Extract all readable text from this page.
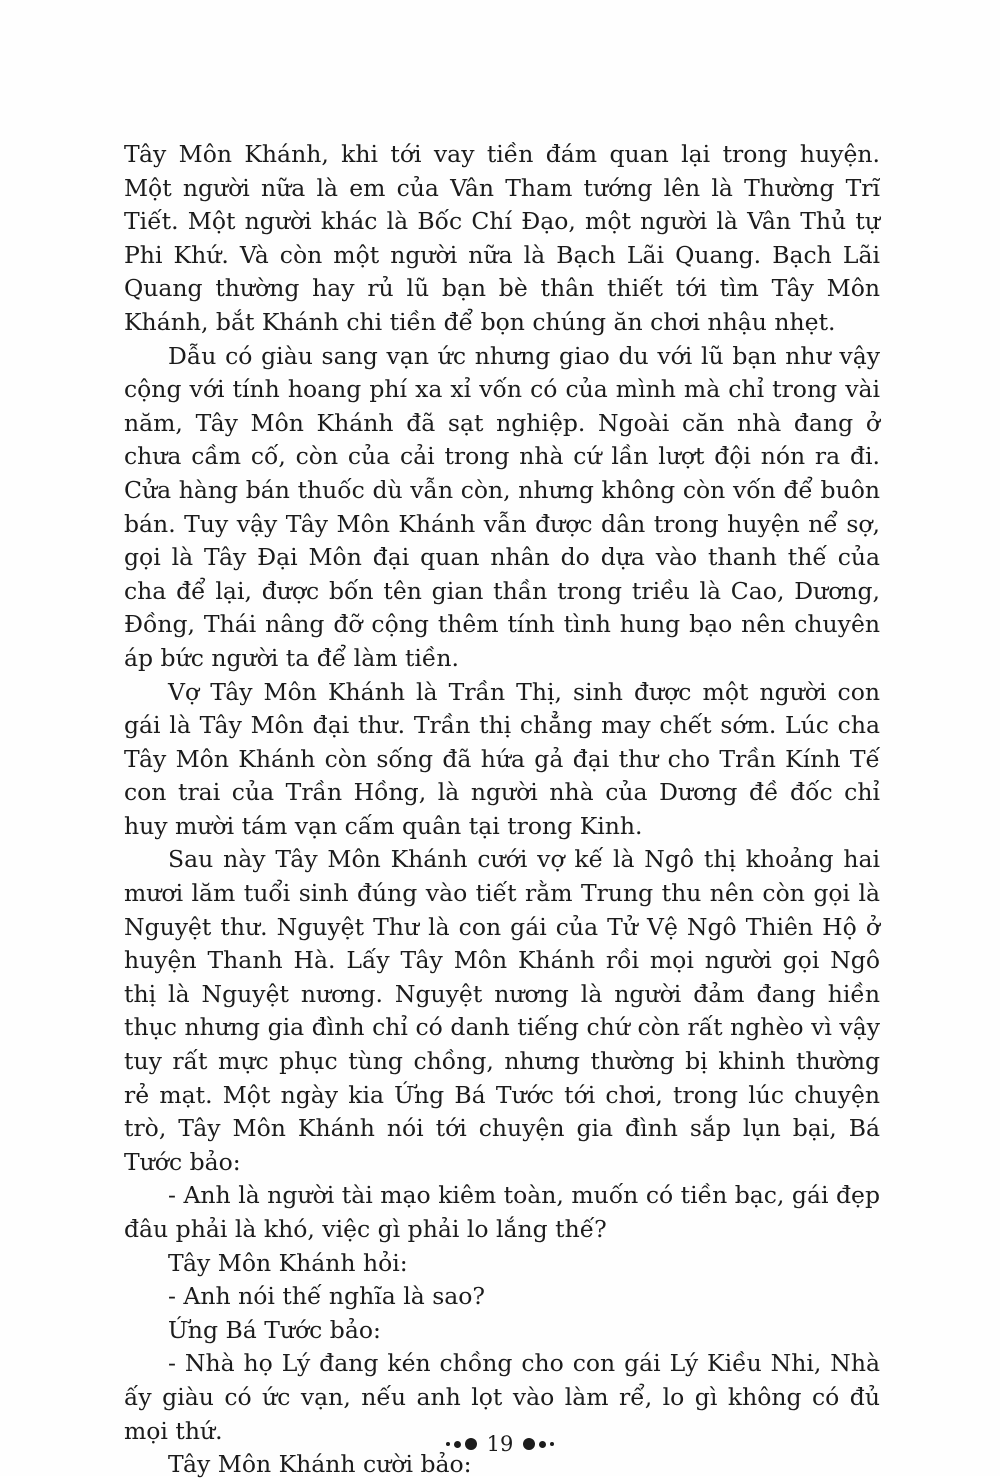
Tây Môn Khánh, khi tới vay tiền đám quan lại trong huyện. Một người nữa là em của Vân Tham tướng lên là Thường Trĩ Tiết. Một người khác là Bốc Chí Đạo, một người là Vân Thủ tự Phi Khứ. Và còn một người nữa là Bạch Lãi Quang. Bạch Lãi Quang thường hay rủ lũ bạn bè thân thiết tới tìm Tây Môn Khánh, bắt Khánh chi tiền để bọn chúng ăn chơi nhậu nhẹt.

Dẫu có giàu sang vạn ức nhưng giao du với lũ bạn như vậy cộng với tính hoang phí xa xỉ vốn có của mình mà chỉ trong vài năm, Tây Môn Khánh đã sạt nghiệp. Ngoài căn nhà đang ở chưa cầm cố, còn của cải trong nhà cứ lần lượt đội nón ra đi. Cửa hàng bán thuốc dù vẫn còn, nhưng không còn vốn để buôn bán. Tuy vậy Tây Môn Khánh vẫn được dân trong huyện nể sợ, gọi là Tây Đại Môn đại quan nhân do dựa vào thanh thế của cha để lại, được bốn tên gian thần trong triều là Cao, Dương, Đồng, Thái nâng đỡ cộng thêm tính tình hung bạo nên chuyên áp bức người ta để làm tiền.

Vợ Tây Môn Khánh là Trần Thị, sinh được một người con gái là Tây Môn đại thư. Trần thị chẳng may chết sớm. Lúc cha Tây Môn Khánh còn sống đã hứa gả đại thư cho Trần Kính Tế con trai của Trần Hồng, là người nhà của Dương đề đốc chỉ huy mười tám vạn cấm quân tại trong Kinh.

Sau này Tây Môn Khánh cưới vợ kế là Ngô thị khoảng hai mươi lăm tuổi sinh đúng vào tiết rằm Trung thu nên còn gọi là Nguyệt thư. Nguyệt Thư là con gái của Tử Vệ Ngô Thiên Hộ ở huyện Thanh Hà. Lấy Tây Môn Khánh rồi mọi người gọi Ngô thị là Nguyệt nương. Nguyệt nương là người đảm đang hiền thục nhưng gia đình chỉ có danh tiếng chứ còn rất nghèo vì vậy tuy rất mực phục tùng chồng, nhưng thường bị khinh thường rẻ mạt. Một ngày kia Ứng Bá Tước tới chơi, trong lúc chuyện trò, Tây Môn Khánh nói tới chuyện gia đình sắp lụn bại, Bá Tước bảo:

- Anh là người tài mạo kiêm toàn, muốn có tiền bạc, gái đẹp đâu phải là khó, việc gì phải lo lắng thế?

Tây Môn Khánh hỏi:

- Anh nói thế nghĩa là sao?

Ứng Bá Tước bảo:

- Nhà họ Lý đang kén chồng cho con gái Lý Kiều Nhi, Nhà ấy giàu có ức vạn, nếu anh lọt vào làm rể, lo gì không có đủ mọi thứ.

Tây Môn Khánh cười bảo:

19
